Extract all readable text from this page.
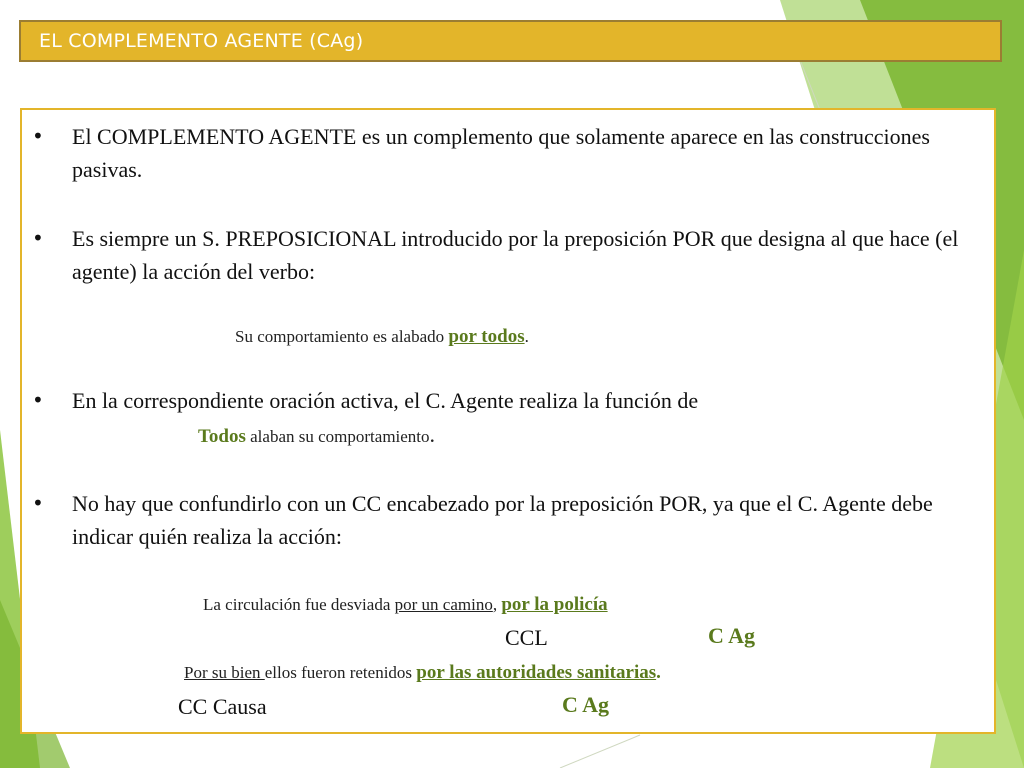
EL COMPLEMENTO AGENTE (CAg)
• El COMPLEMENTO AGENTE es un complemento que solamente aparece en las construcciones pasivas.
• Es siempre un S. PREPOSICIONAL introducido por la preposición POR que designa al que hace (el agente) la acción del verbo:
Su comportamiento es alabado por todos.
• En la correspondiente oración activa, el C. Agente realiza la función de
Todos alaban su comportamiento.
• No hay que confundirlo con un CC encabezado por la preposición POR, ya que el C. Agente debe indicar quién realiza la acción:
La circulación fue desviada por un camino, por la policía
CCL	C Ag
Por su bien ellos fueron retenidos por las autoridades sanitarias.
CC Causa	C Ag
